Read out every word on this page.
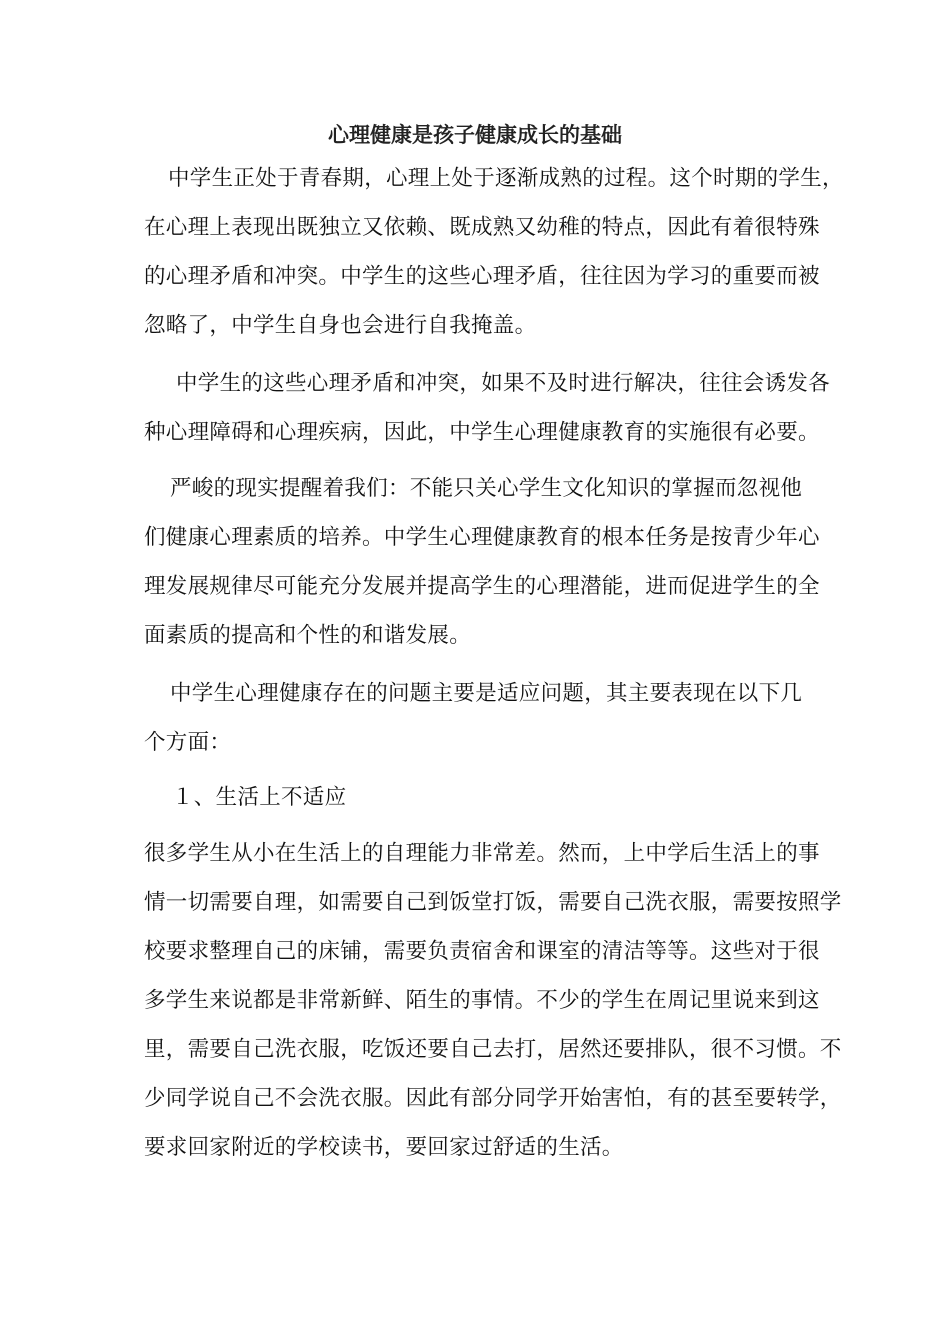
心理健康是孩子健康成长的基础

中学生正处于青春期，心理上处于逐渐成熟的过程。这个时期的学生，
在心理上表现出既独立又依赖、既成熟又幼稚的特点，因此有着很特殊
的心理矛盾和冲突。中学生的这些心理矛盾，往往因为学习的重要而被
忽略了，中学生自身也会进行自我掩盖。

中学生的这些心理矛盾和冲突，如果不及时进行解决，往往会诱发各
种心理障碍和心理疾病，因此，中学生心理健康教育的实施很有必要。

严峻的现实提醒着我们：不能只关心学生文化知识的掌握而忽视他
们健康心理素质的培养。中学生心理健康教育的根本任务是按青少年心
理发展规律尽可能充分发展并提高学生的心理潜能，进而促进学生的全
面素质的提高和个性的和谐发展。

中学生心理健康存在的问题主要是适应问题，其主要表现在以下几
个方面：

１、生活上不适应

很多学生从小在生活上的自理能力非常差。然而，上中学后生活上的事
情一切需要自理，如需要自己到饭堂打饭，需要自己洗衣服，需要按照学
校要求整理自己的床铺，需要负责宿舍和课室的清洁等等。这些对于很
多学生来说都是非常新鲜、陌生的事情。不少的学生在周记里说来到这
里，需要自己洗衣服，吃饭还要自己去打，居然还要排队，很不习惯。不
少同学说自己不会洗衣服。因此有部分同学开始害怕，有的甚至要转学，
要求回家附近的学校读书，要回家过舒适的生活。
